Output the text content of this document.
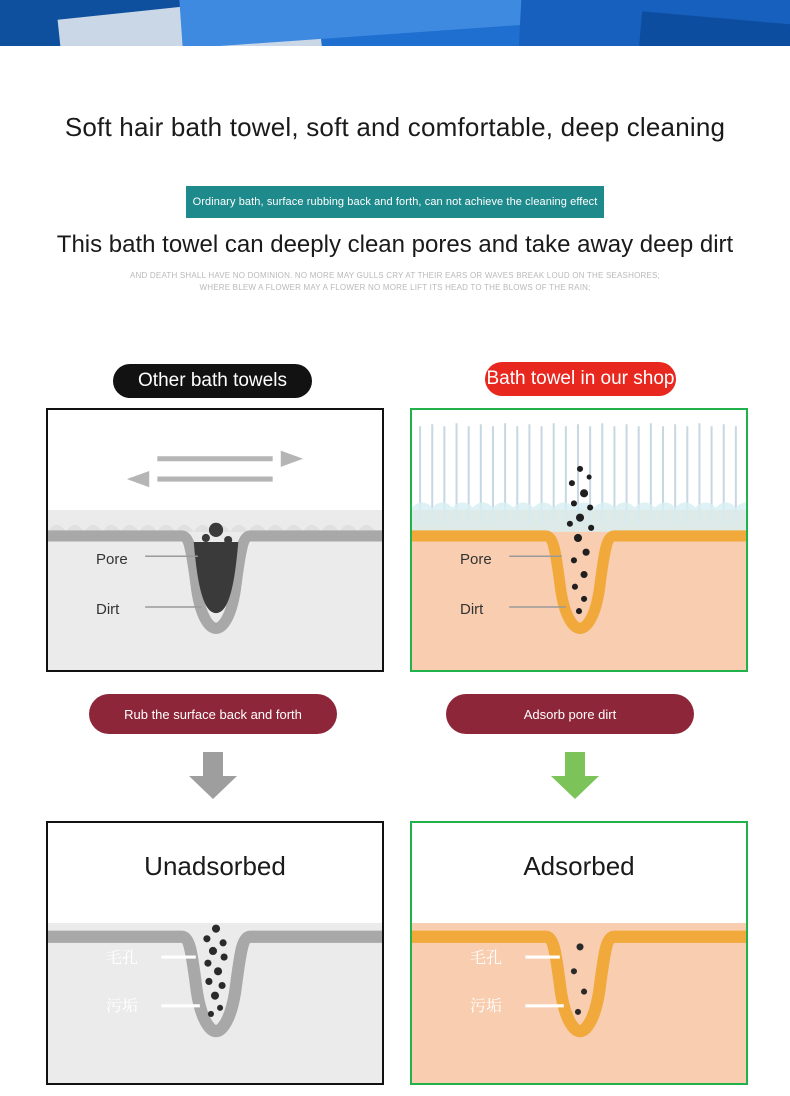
Soft hair bath towel, soft and comfortable, deep cleaning
Ordinary bath, surface rubbing back and forth, can not achieve the cleaning effect
This bath towel can deeply clean pores and take away deep dirt
AND DEATH SHALL HAVE NO DOMINION. NO MORE MAY GULLS CRY AT THEIR EARS OR WAVES BREAK LOUD ON THE SEASHORES;
WHERE BLEW A FLOWER MAY A FLOWER NO MORE LIFT ITS HEAD TO THE BLOWS OF THE RAIN;
Other bath towels	Bath towel in our shop
Pore
Dirt
Pore
Dirt
Rub the surface back and forth	Adsorb pore dirt
Unadsorbed
毛孔
污垢
Adsorbed
毛孔
污垢
